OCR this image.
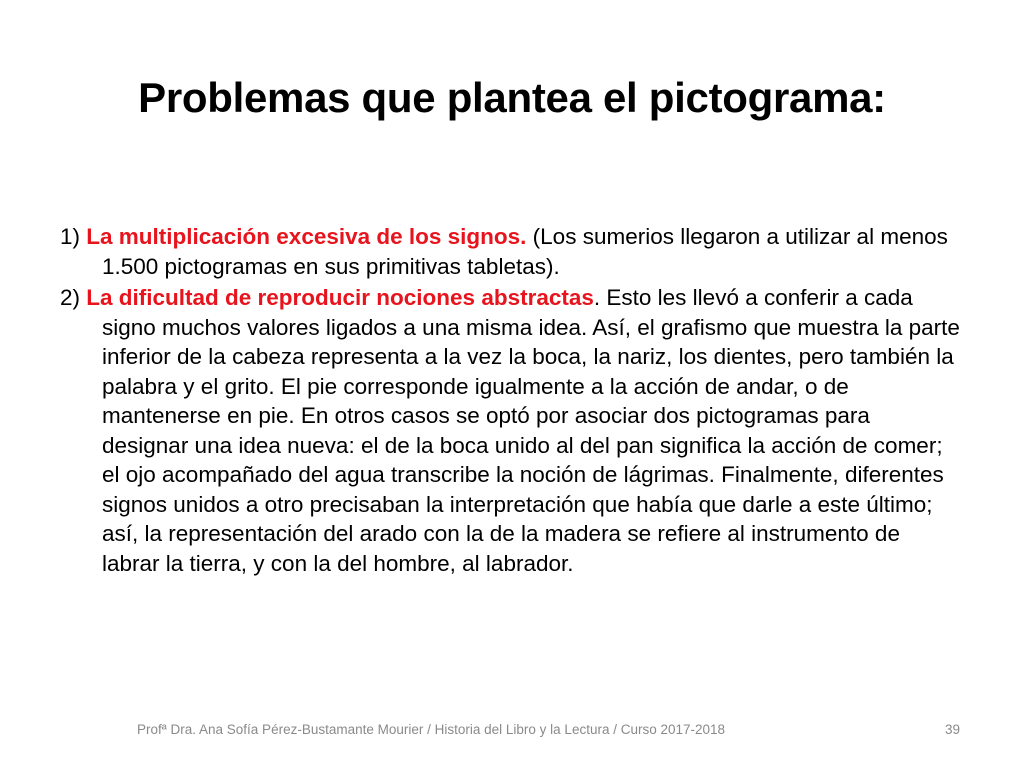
Problemas que plantea el pictograma:

1) La multiplicación excesiva de los signos. (Los sumerios llegaron a utilizar al menos 1.500 pictogramas en sus primitivas tabletas).

2) La dificultad de reproducir nociones abstractas. Esto les llevó a conferir a cada signo muchos valores ligados a una misma idea. Así, el grafismo que muestra la parte inferior de la cabeza representa a la vez la boca, la nariz, los dientes, pero también la palabra y el grito. El pie corresponde igualmente a la acción de andar, o de mantenerse en pie. En otros casos se optó por asociar dos pictogramas para designar una idea nueva: el de la boca unido al del pan significa la acción de comer; el ojo acompañado del agua transcribe la noción de lágrimas. Finalmente, diferentes signos unidos a otro precisaban la interpretación que había que darle a este último; así, la representación del arado con la de la madera se refiere al instrumento de labrar la tierra, y con la del hombre, al labrador.

Profª Dra. Ana Sofía Pérez-Bustamante Mourier / Historia del Libro y la Lectura / Curso 2017-2018	39
